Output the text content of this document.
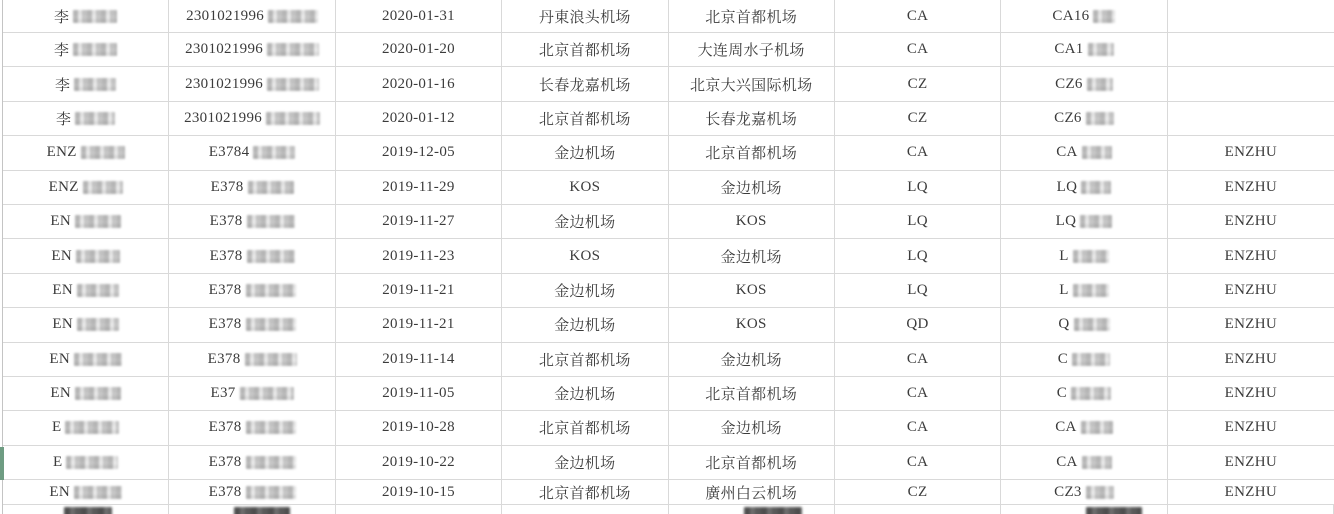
李	2301021996	2020-01-31	丹東浪头机场	北京首都机场	CA	CA16
李	2301021996	2020-01-20	北京首都机场	大连周水子机场	CA	CA1
李	2301021996	2020-01-16	长春龙嘉机场	北京大兴国际机场	CZ	CZ6
李	2301021996	2020-01-12	北京首都机场	长春龙嘉机场	CZ	CZ6
ENZ	E3784	2019-12-05	金边机场	北京首都机场	CA	CA	ENZHU
ENZ	E378	2019-11-29	KOS	金边机场	LQ	LQ	ENZHU
EN	E378	2019-11-27	金边机场	KOS	LQ	LQ	ENZHU
EN	E378	2019-11-23	KOS	金边机场	LQ	L	ENZHU
EN	E378	2019-11-21	金边机场	KOS	LQ	L	ENZHU
EN	E378	2019-11-21	金边机场	KOS	QD	Q	ENZHU
EN	E378	2019-11-14	北京首都机场	金边机场	CA	C	ENZHU
EN	E37	2019-11-05	金边机场	北京首都机场	CA	C	ENZHU
E	E378	2019-10-28	北京首都机场	金边机场	CA	CA	ENZHU
E	E378	2019-10-22	金边机场	北京首都机场	CA	CA	ENZHU
EN	E378	2019-10-15	北京首都机场	廣州白云机场	CZ	CZ3	ENZHU
